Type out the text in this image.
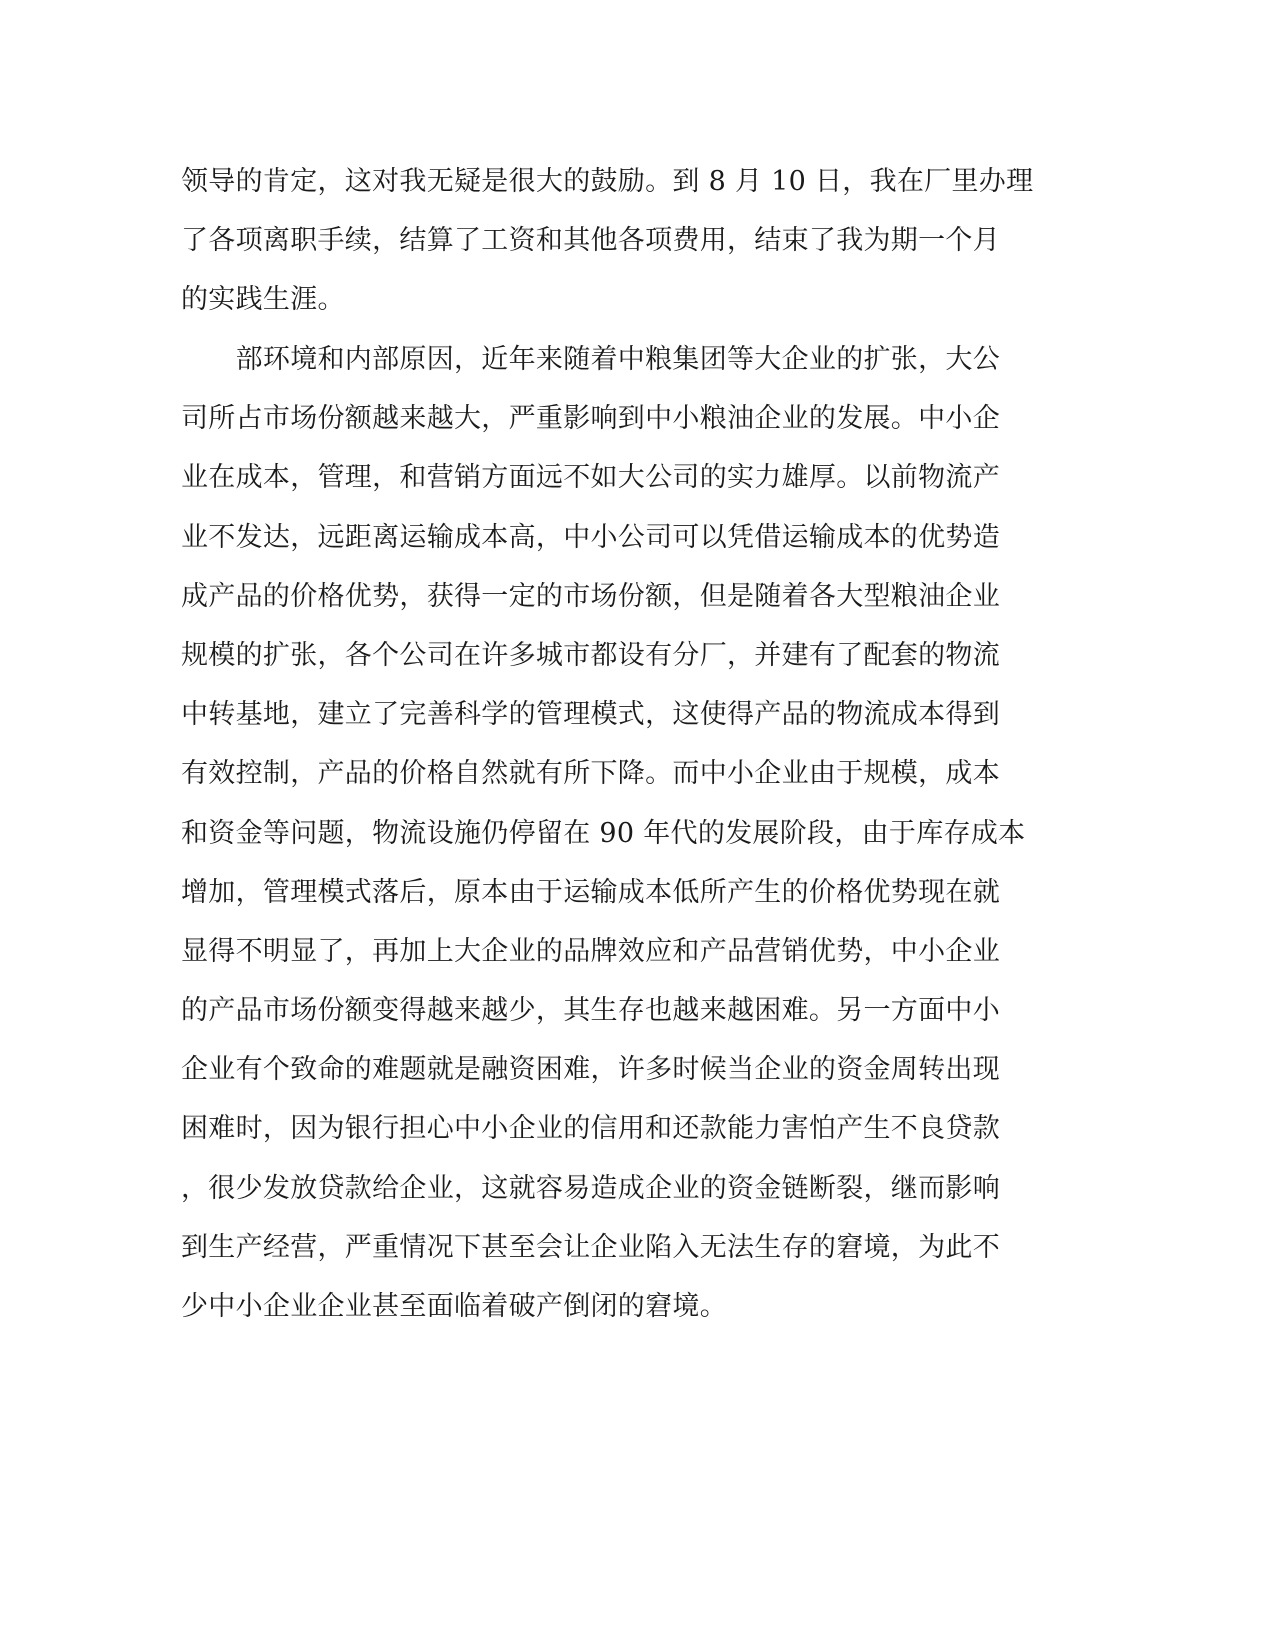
领导的肯定，这对我无疑是很大的鼓励。到 8 月 10 日，我在厂里办理
了各项离职手续，结算了工资和其他各项费用，结束了我为期一个月
的实践生涯。
　　部环境和内部原因，近年来随着中粮集团等大企业的扩张，大公
司所占市场份额越来越大，严重影响到中小粮油企业的发展。中小企
业在成本，管理，和营销方面远不如大公司的实力雄厚。以前物流产
业不发达，远距离运输成本高，中小公司可以凭借运输成本的优势造
成产品的价格优势，获得一定的市场份额，但是随着各大型粮油企业
规模的扩张，各个公司在许多城市都设有分厂，并建有了配套的物流
中转基地，建立了完善科学的管理模式，这使得产品的物流成本得到
有效控制，产品的价格自然就有所下降。而中小企业由于规模，成本
和资金等问题，物流设施仍停留在 90 年代的发展阶段，由于库存成本
增加，管理模式落后，原本由于运输成本低所产生的价格优势现在就
显得不明显了，再加上大企业的品牌效应和产品营销优势，中小企业
的产品市场份额变得越来越少，其生存也越来越困难。另一方面中小
企业有个致命的难题就是融资困难，许多时候当企业的资金周转出现
困难时，因为银行担心中小企业的信用和还款能力害怕产生不良贷款
，很少发放贷款给企业，这就容易造成企业的资金链断裂，继而影响
到生产经营，严重情况下甚至会让企业陷入无法生存的窘境，为此不
少中小企业企业甚至面临着破产倒闭的窘境。
